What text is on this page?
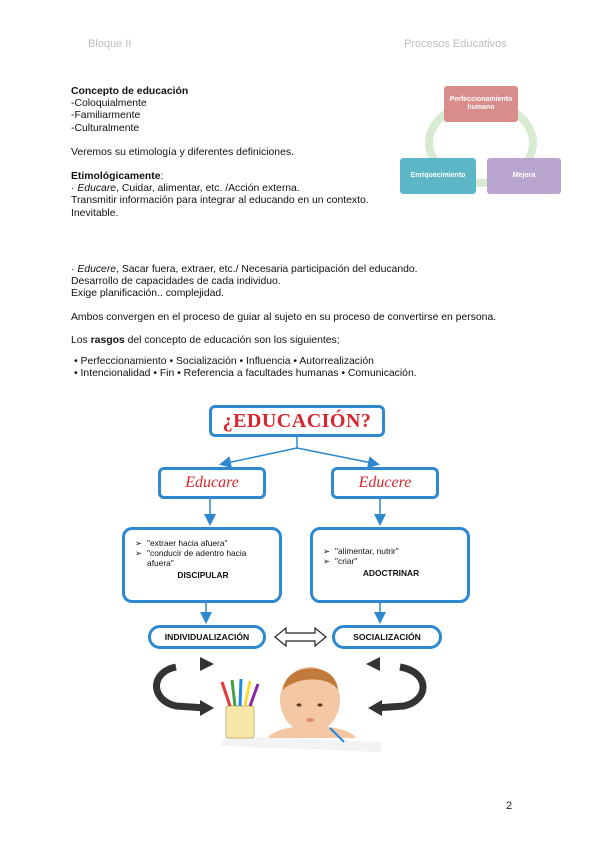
Bloque II	Procesos Educativos

Concepto de educación

-Coloquialmente

-Familiarmente

-Culturalmente

Veremos su etimología y diferentes definiciones.

Etimológicamente:

· Educare, Cuidar, alimentar, etc. /Acción externa.

Transmitir información para integrar al educando en un contexto.

Inevitable.

· Educere, Sacar fuera, extraer, etc./ Necesaria participación del educando.

Desarrollo de capacidades de cada individuo.

Exige planificación.. complejidad.

Ambos convergen en el proceso de guiar al sujeto en su proceso de convertirse en persona.

Los rasgos del concepto de educación son los siguientes;

• Perfeccionamiento • Socialización • Influencia • Autorrealización

• Intencionalidad • Fin • Referencia a facultades humanas • Comunicación.

Perfeccionamiento humano
Enriquecimiento	Mejora
¿EDUCACIÓN?
Educare	Educere
➢ "extraer hacia afuera"
➢ "conducir de adentro hacia afuera"
DISCIPULAR
➢ "alimentar, nutrir"
➢ "criar"
ADOCTRINAR
INDIVIDUALIZACIÓN	SOCIALIZACIÓN
2
